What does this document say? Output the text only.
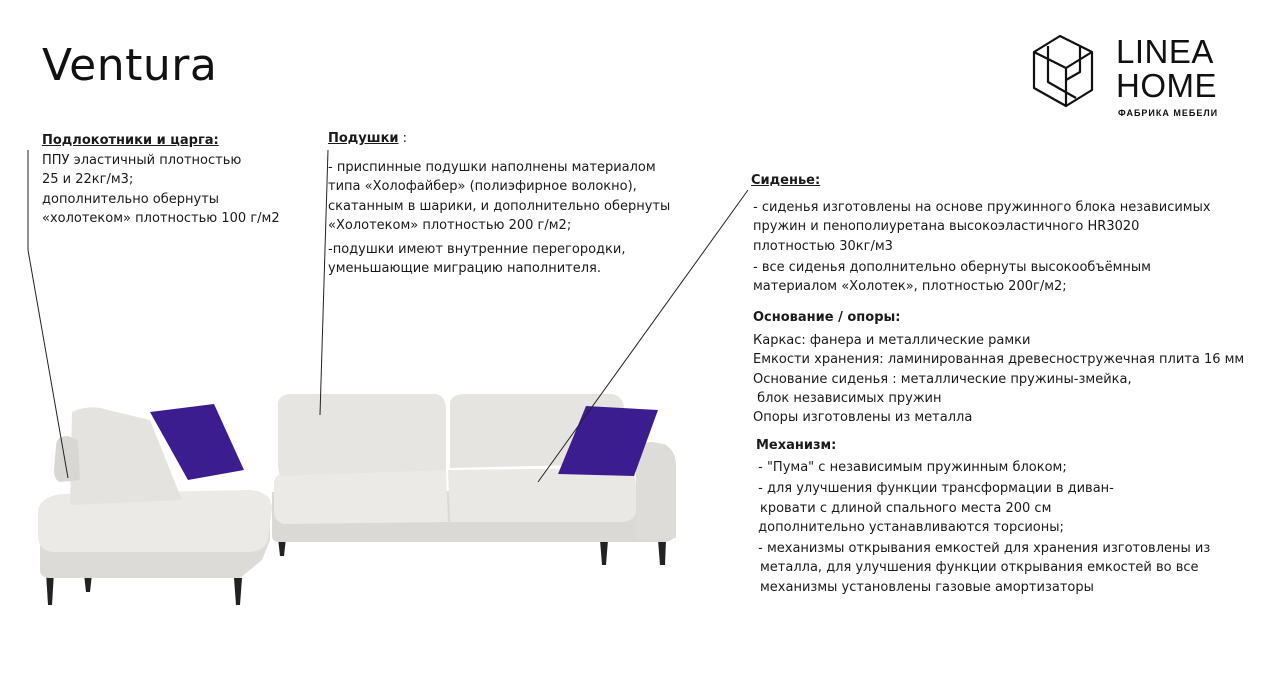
Ventura	LINEA
HOME
ФАБРИКА МЕБЕЛИ
Подлокотники и царга:
ППУ эластичный плотностью
25 и 22кг/м3;
дополнительно обернуты
«холотеком» плотностью 100 г/м2
Подушки :
- приспинные подушки наполнены материалом
типа «Холофайбер» (полиэфирное волокно),
скатанным в шарики, и дополнительно обернуты
«Холотеком» плотностью 200 г/м2;
-подушки имеют внутренние перегородки,
уменьшающие миграцию наполнителя.
Сиденье:
- сиденья изготовлены на основе пружинного блока независимых
пружин и пенополиуретана высокоэластичного HR3020
плотностью 30кг/м3
- все сиденья дополнительно обернуты высокообъёмным
материалом «Холотек», плотностью 200г/м2;
Основание / опоры:
Каркас: фанера и металлические рамки
Емкости хранения: ламинированная древесностружечная плита 16 мм
Основание сиденья : металлические пружины-змейка,
блок независимых пружин
Опоры изготовлены из металла
Механизм:
- "Пума" с независимым пружинным блоком;
- для улучшения функции трансформации в диван-
кровати с длиной спального места 200 см
дополнительно устанавливаются торсионы;
- механизмы открывания емкостей для хранения изготовлены из
металла, для улучшения функции открывания емкостей во все
механизмы установлены газовые амортизаторы
